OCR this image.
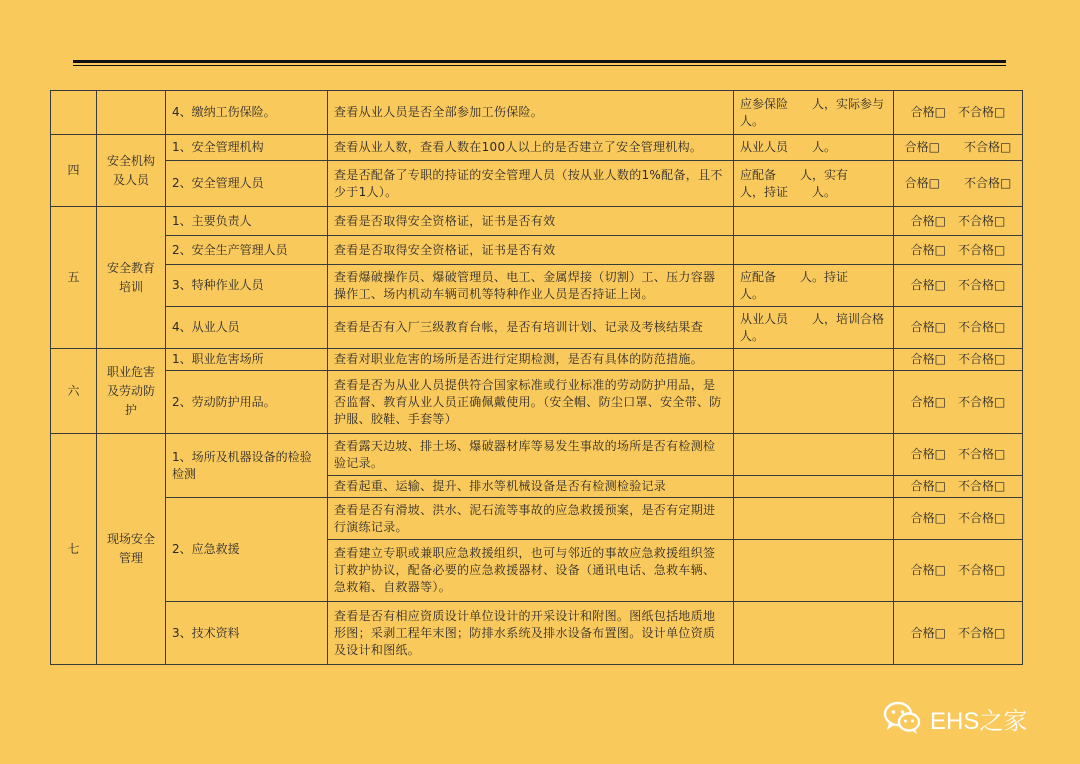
		4、缴纳工伤保险。	查看从业人员是否全部参加工伤保险。	应参保险　　人，实际参与　　人。	合格□　不合格□
四	安全机构及人员	1、安全管理机构	查看从业人数，查看人数在100人以上的是否建立了安全管理机构。	从业人员　　人。	合格□　　不合格□
		2、安全管理人员	查是否配备了专职的持证的安全管理人员（按从业人数的1%配备，且不少于1人）。	应配备　　人，实有　　人，持证　　人。	合格□　　不合格□
五	安全教育培训	1、主要负责人	查看是否取得安全资格证，证书是否有效		合格□　不合格□
		2、安全生产管理人员	查看是否取得安全资格证，证书是否有效		合格□　不合格□
		3、特种作业人员	查看爆破操作员、爆破管理员、电工、金属焊接（切割）工、压力容器操作工、场内机动车辆司机等特种作业人员是否持证上岗。	应配备　　人。持证　　人。	合格□　不合格□
		4、从业人员	查看是否有入厂三级教育台帐，是否有培训计划、记录及考核结果查	从业人员　　人，培训合格　　人。	合格□　不合格□
六	职业危害及劳动防护	1、职业危害场所	查看对职业危害的场所是否进行定期检测，是否有具体的防范措施。		合格□　不合格□
		2、劳动防护用品。	查看是否为从业人员提供符合国家标准或行业标准的劳动防护用品，是否监督、教育从业人员正确佩戴使用。（安全帽、防尘口罩、安全带、防护服、胶鞋、手套等）		合格□　不合格□
七	现场安全管理	1、场所及机器设备的检验检测	查看露天边坡、排土场、爆破器材库等易发生事故的场所是否有检测检验记录。		合格□　不合格□
			查看起重、运输、提升、排水等机械设备是否有检测检验记录		合格□　不合格□
		2、应急救援	查看是否有滑坡、洪水、泥石流等事故的应急救援预案，是否有定期进行演练记录。		合格□　不合格□
			查看建立专职或兼职应急救援组织，也可与邻近的事故应急救援组织签订救护协议，配备必要的应急救援器材、设备（通讯电话、急救车辆、急救箱、自救器等）。		合格□　不合格□
		3、技术资料	查看是否有相应资质设计单位设计的开采设计和附图。图纸包括地质地形图；采剥工程年末图；防排水系统及排水设备布置图。设计单位资质及设计和图纸。		合格□　不合格□
EHS之家
